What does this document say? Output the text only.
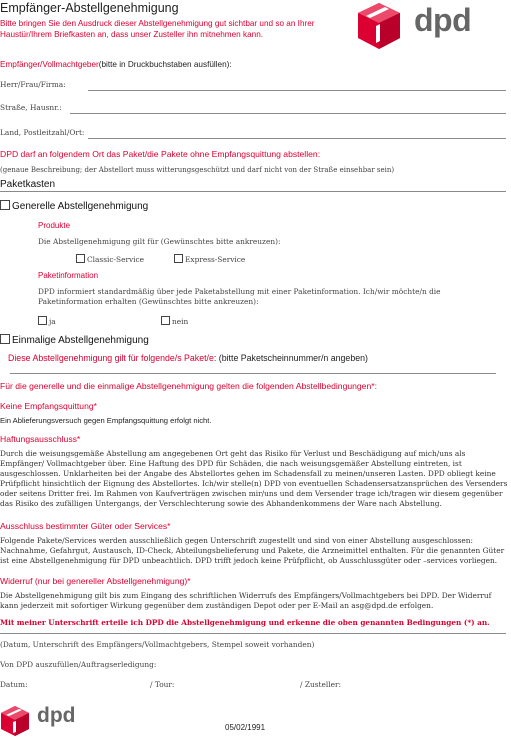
Empfänger-Abstellgenehmigung
Bitte bringen Sie den Ausdruck dieser Abstellgenehmigung gut sichtbar und so an Ihrer Haustür/Ihrem Briefkasten an, dass unser Zusteller ihn mitnehmen kann.	dpd
Empfänger/Vollmachtgeber(bitte in Druckbuchstaben ausfüllen):
Herr/Frau/Firma:
Straße, Hausnr.:
Land, Postleitzahl/Ort:
DPD darf an folgendem Ort das Paket/die Pakete ohne Empfangsquittung abstellen:
(genaue Beschreibung; der Abstellort muss witterungsgeschützt und darf nicht von der Straße einsehbar sein)
Paketkasten
Generelle Abstellgenehmigung
Produkte
Die Abstellgenehmigung gilt für (Gewünschtes bitte ankreuzen):
Classic-Service	Express-Service
Paketinformation
DPD informiert standardmäßig über jede Paketabstellung mit einer Paketinformation. Ich/wir möchte/n die Paketinformation erhalten (Gewünschtes bitte ankreuzen):
ja	nein
Einmalige Abstellgenehmigung
Diese Abstellgenehmigung gilt für folgende/s Paket/e: (bitte Paketscheinnummer/n angeben)
Für die generelle und die einmalige Abstellgenehmigung gelten die folgenden Abstellbedingungen*:
Keine Empfangsquittung*
Ein Ablieferungsversuch gegen Empfangsquittung erfolgt nicht.
Haftungsausschluss*
Durch die weisungsgemäße Abstellung am angegebenen Ort geht das Risiko für Verlust und Beschädigung auf mich/uns als Empfänger/ Vollmachtgeber über. Eine Haftung des DPD für Schäden, die nach weisungsgemäßer Abstellung eintreten, ist ausgeschlossen. Unklarheiten bei der Angabe des Abstellortes gehen im Schadensfall zu meinen/unseren Lasten. DPD obliegt keine Prüfpflicht hinsichtlich der Eignung des Abstellortes. Ich/wir stelle(n) DPD von eventuellen Schadensersatzansprüchen des Versenders oder seitens Dritter frei. Im Rahmen von Kaufverträgen zwischen mir/uns und dem Versender trage ich/tragen wir diesem gegenüber das Risiko des zufälligen Untergangs, der Verschlechterung sowie des Abhandenkommens der Ware nach Abstellung.
Ausschluss bestimmter Güter oder Services*
Folgende Pakete/Services werden ausschließlich gegen Unterschrift zugestellt und sind von einer Abstellung ausgeschlossen: Nachnahme, Gefahrgut, Austausch, ID-Check, Abteilungsbelieferung und Pakete, die Arzneimittel enthalten. Für die genannten Güter ist eine Abstellgenehmigung für DPD unbeachtlich. DPD trifft jedoch keine Prüfpflicht, ob Ausschlussgüter oder –services vorliegen.
Widerruf (nur bei genereller Abstellgenehmigung)*
Die Abstellgenehmigung gilt bis zum Eingang des schriftlichen Widerrufs des Empfängers/Vollmachtgebers bei DPD. Der Widerruf kann jederzeit mit sofortiger Wirkung gegenüber dem zuständigen Depot oder per E-Mail an asg@dpd.de erfolgen.
Mit meiner Unterschrift erteile ich DPD die Abstellgenehmigung und erkenne die oben genannten Bedingungen (*) an.
(Datum, Unterschrift des Empfängers/Vollmachtgebers, Stempel soweit vorhanden)
Von DPD auszufüllen/Auftragserledigung:
Datum:	/ Tour:	/ Zusteller:
dpd
05/02/1991
